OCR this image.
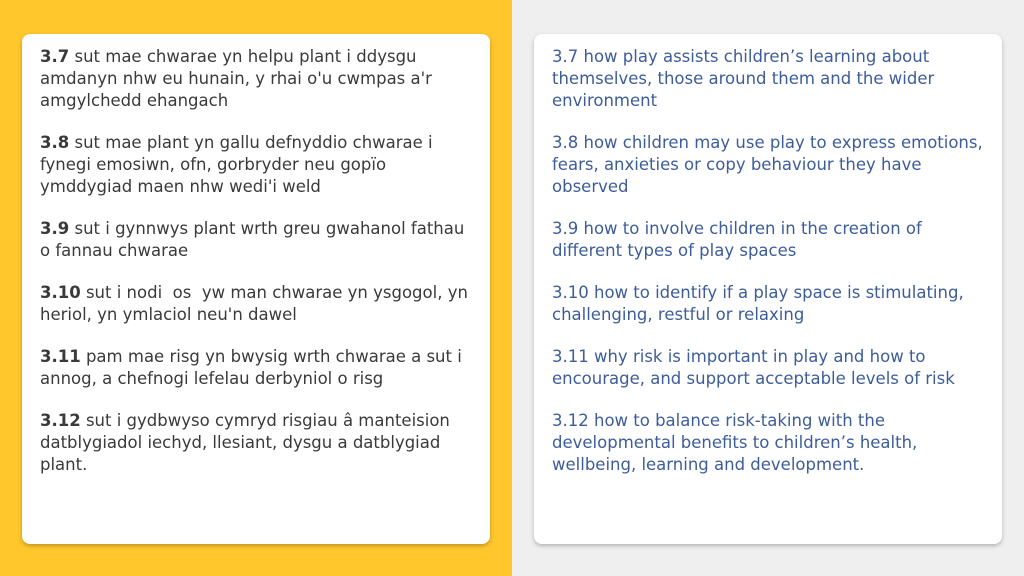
3.7 sut mae chwarae yn helpu plant i ddysgu amdanyn nhw eu hunain, y rhai o'u cwmpas a'r amgylchedd ehangach

3.8 sut mae plant yn gallu defnyddio chwarae i fynegi emosiwn, ofn, gorbryder neu gopïo ymddygiad maen nhw wedi'i weld

3.9 sut i gynnwys plant wrth greu gwahanol fathau o fannau chwarae

3.10 sut i nodi  os  yw man chwarae yn ysgogol, yn heriol, yn ymlaciol neu'n dawel

3.11 pam mae risg yn bwysig wrth chwarae a sut i annog, a chefnogi lefelau derbyniol o risg

3.12 sut i gydbwyso cymryd risgiau â manteision datblygiadol iechyd, llesiant, dysgu a datblygiad plant.

3.7 how play assists children’s learning about themselves, those around them and the wider environment

3.8 how children may use play to express emotions, fears, anxieties or copy behaviour they have observed

3.9 how to involve children in the creation of different types of play spaces

3.10 how to identify if a play space is stimulating, challenging, restful or relaxing

3.11 why risk is important in play and how to encourage, and support acceptable levels of risk

3.12 how to balance risk-taking with the developmental benefits to children’s health, wellbeing, learning and development.
